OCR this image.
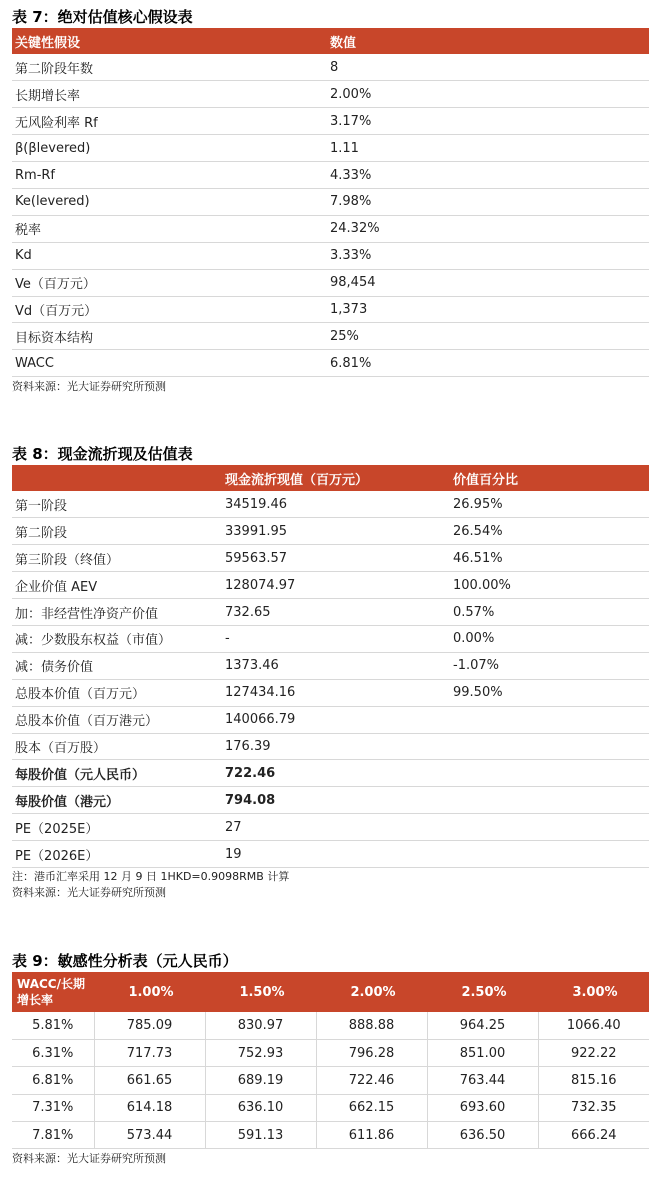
表 7：绝对估值核心假设表
关键性假设	数值
第二阶段年数	8
长期增长率	2.00%
无风险利率 Rf	3.17%
β(βlevered)	1.11
Rm-Rf	4.33%
Ke(levered)	7.98%
税率	24.32%
Kd	3.33%
Ve（百万元）	98,454
Vd（百万元）	1,373
目标资本结构	25%
WACC	6.81%
资料来源：光大证券研究所预测
表 8：现金流折现及估值表
	现金流折现值（百万元）	价值百分比
第一阶段	34519.46	26.95%
第二阶段	33991.95	26.54%
第三阶段（终值）	59563.57	46.51%
企业价值 AEV	128074.97	100.00%
加：非经营性净资产价值	732.65	0.57%
减：少数股东权益（市值）	-	0.00%
减：债务价值	1373.46	-1.07%
总股本价值（百万元）	127434.16	99.50%
总股本价值（百万港元）	140066.79	
股本（百万股）	176.39	
每股价值（元人民币）	722.46	
每股价值（港元）	794.08	
PE（2025E）	27	
PE（2026E）	19	
注：港币汇率采用 12 月 9 日 1HKD=0.9098RMB 计算
资料来源：光大证券研究所预测
表 9：敏感性分析表（元人民币）
WACC/长期增长率	1.00%	1.50%	2.00%	2.50%	3.00%
5.81%	785.09	830.97	888.88	964.25	1066.40
6.31%	717.73	752.93	796.28	851.00	922.22
6.81%	661.65	689.19	722.46	763.44	815.16
7.31%	614.18	636.10	662.15	693.60	732.35
7.81%	573.44	591.13	611.86	636.50	666.24
资料来源：光大证券研究所预测
